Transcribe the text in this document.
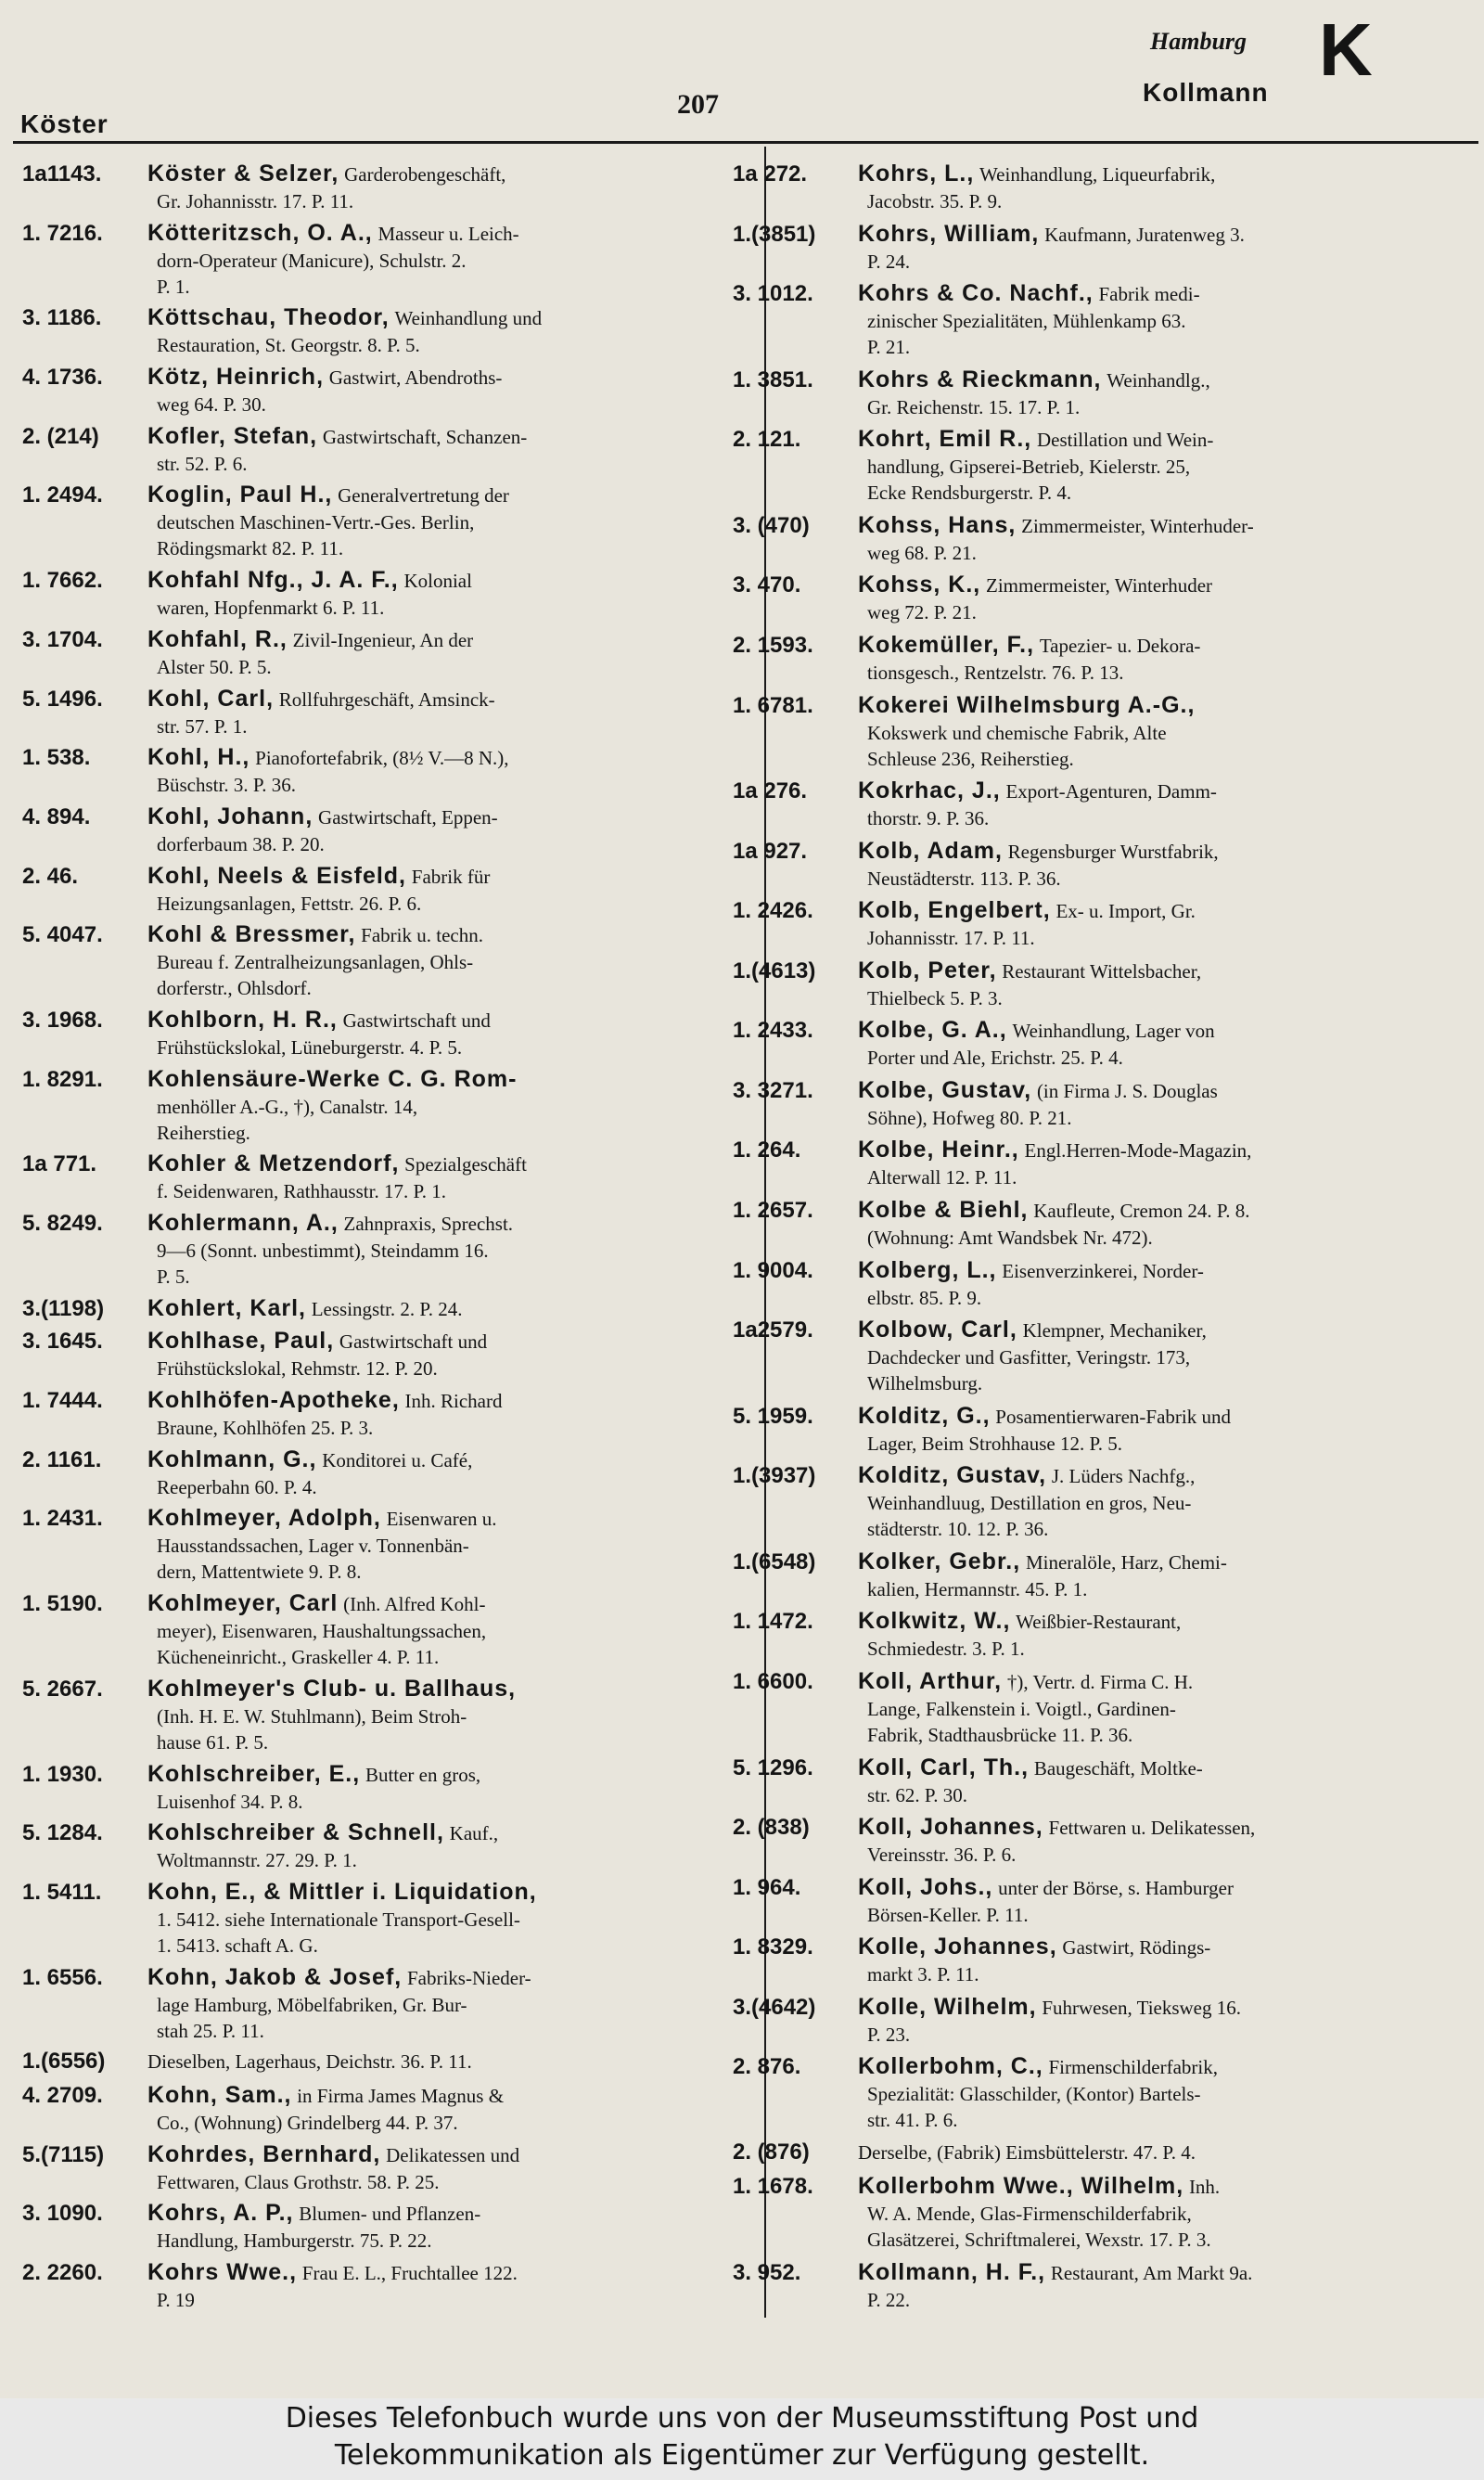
Köster
207
Hamburg
Kollmann
K
1a1143. Köster & Selzer, Garderobengeschäft,
Gr. Johannisstr. 17. P. 11.
1. 7216. Kötteritzsch, O. A., Masseur u. Leich-
dorn-Operateur (Manicure), Schulstr. 2.
P. 1.
3. 1186. Köttschau, Theodor, Weinhandlung und
Restauration, St. Georgstr. 8. P. 5.
4. 1736. Kötz, Heinrich, Gastwirt, Abendroths-
weg 64. P. 30.
2. (214) Kofler, Stefan, Gastwirtschaft, Schanzen-
str. 52. P. 6.
1. 2494. Koglin, Paul H., Generalvertretung der
deutschen Maschinen-Vertr.-Ges. Berlin,
Rödingsmarkt 82. P. 11.
1. 7662. Kohfahl Nfg., J. A. F., Kolonial
waren, Hopfenmarkt 6. P. 11.
3. 1704. Kohfahl, R., Zivil-Ingenieur, An der
Alster 50. P. 5.
5. 1496. Kohl, Carl, Rollfuhrgeschäft, Amsinck-
str. 57. P. 1.
1. 538. Kohl, H., Pianofortefabrik, (8½ V.—8 N.),
Büschstr. 3. P. 36.
4. 894. Kohl, Johann, Gastwirtschaft, Eppen-
dorferbaum 38. P. 20.
2. 46.	Kohl, Neels & Eisfeld, Fabrik für
Heizungsanlagen, Fettstr. 26. P. 6.
5. 4047. Kohl & Bressmer, Fabrik u. techn.
Bureau f. Zentralheizungsanlagen, Ohls-
dorferstr., Ohlsdorf.
3. 1968. Kohlborn, H. R., Gastwirtschaft und
Frühstückslokal, Lüneburgerstr. 4. P. 5.
1. 8291. Kohlensäure-Werke C. G. Rom-
menhöller A.-G., †), Canalstr. 14,
Reiherstieg.
1a 771. Kohler & Metzendorf, Spezialgeschäft
f. Seidenwaren, Rathhausstr. 17. P. 1.
5. 8249. Kohlermann, A., Zahnpraxis, Sprechst.
9—6 (Sonnt. unbestimmt), Steindamm 16.
P. 5.
3.(1198) Kohlert, Karl, Lessingstr. 2. P. 24.
3. 1645. Kohlhase, Paul, Gastwirtschaft und
Frühstückslokal, Rehmstr. 12. P. 20.
1. 7444. Kohlhöfen-Apotheke, Inh. Richard
Braune, Kohlhöfen 25. P. 3.
2. 1161. Kohlmann, G., Konditorei u. Café,
Reeperbahn 60. P. 4.
1. 2431. Kohlmeyer, Adolph, Eisenwaren u.
Hausstandssachen, Lager v. Tonnenbän-
dern, Mattentwiete 9. P. 8.
1. 5190. Kohlmeyer, Carl (Inh. Alfred Kohl-
meyer), Eisenwaren, Haushaltungssachen,
Kücheneinricht., Graskeller 4. P. 11.
5. 2667. Kohlmeyer's Club- u. Ballhaus,
(Inh. H. E. W. Stuhlmann), Beim Stroh-
hause 61. P. 5.
1. 1930. Kohlschreiber, E., Butter en gros,
Luisenhof 34. P. 8.
5. 1284. Kohlschreiber & Schnell, Kauf.,
Woltmannstr. 27. 29. P. 1.
1. 5411. Kohn, E., & Mittler i. Liquidation,
1. 5412. siehe Internationale Transport-Gesell-
1. 5413. schaft A. G.
1. 6556. Kohn, Jakob & Josef, Fabriks-Nieder-
lage Hamburg, Möbelfabriken, Gr. Bur-
stah 25. P. 11.
1.(6556) Dieselben, Lagerhaus, Deichstr. 36. P. 11.
4. 2709. Kohn, Sam., in Firma James Magnus &
Co., (Wohnung) Grindelberg 44. P. 37.
5.(7115) Kohrdes, Bernhard, Delikatessen und
Fettwaren, Claus Grothstr. 58. P. 25.
3. 1090. Kohrs, A. P., Blumen- und Pflanzen-
Handlung, Hamburgerstr. 75. P. 22.
2. 2260. Kohrs Wwe., Frau E. L., Fruchtallee 122.
P. 19
1a 272. Kohrs, L., Weinhandlung, Liqueurfabrik,
Jacobstr. 35. P. 9.
1.(3851) Kohrs, William, Kaufmann, Juratenweg 3.
P. 24.
3. 1012. Kohrs & Co. Nachf., Fabrik medi-
zinischer Spezialitäten, Mühlenkamp 63.
P. 21.
1. 3851. Kohrs & Rieckmann, Weinhandlg.,
Gr. Reichenstr. 15. 17. P. 1.
2. 121. Kohrt, Emil R., Destillation und Wein-
handlung, Gipserei-Betrieb, Kielerstr. 25,
Ecke Rendsburgerstr. P. 4.
3. (470) Kohss, Hans, Zimmermeister, Winterhuder-
weg 68. P. 21.
3. 470. Kohss, K., Zimmermeister, Winterhuder
weg 72. P. 21.
2. 1593. Kokemüller, F., Tapezier- u. Dekora-
tionsgesch., Rentzelstr. 76. P. 13.
1. 6781. Kokerei Wilhelmsburg A.-G.,
Kokswerk und chemische Fabrik, Alte
Schleuse 236, Reiherstieg.
1a 276. Kokrhac, J., Export-Agenturen, Damm-
thorstr. 9. P. 36.
1a 927. Kolb, Adam, Regensburger Wurstfabrik,
Neustädterstr. 113. P. 36.
1. 2426. Kolb, Engelbert, Ex- u. Import, Gr.
Johannisstr. 17. P. 11.
1.(4613) Kolb, Peter, Restaurant Wittelsbacher,
Thielbeck 5. P. 3.
1. 2433. Kolbe, G. A., Weinhandlung, Lager von
Porter und Ale, Erichstr. 25. P. 4.
3. 3271. Kolbe, Gustav, (in Firma J. S. Douglas
Söhne), Hofweg 80. P. 21.
1. 264. Kolbe, Heinr., Engl.Herren-Mode-Magazin,
Alterwall 12. P. 11.
1. 2657. Kolbe & Biehl, Kaufleute, Cremon 24. P. 8.
(Wohnung: Amt Wandsbek Nr. 472).
1. 9004. Kolberg, L., Eisenverzinkerei, Norder-
elbstr. 85. P. 9.
1a2579. Kolbow, Carl, Klempner, Mechaniker,
Dachdecker und Gasfitter, Veringstr. 173,
Wilhelmsburg.
5. 1959. Kolditz, G., Posamentierwaren-Fabrik und
Lager, Beim Strohhause 12. P. 5.
1.(3937) Kolditz, Gustav, J. Lüders Nachfg.,
Weinhandluug, Destillation en gros, Neu-
städterstr. 10. 12. P. 36.
1.(6548) Kolker, Gebr., Mineralöle, Harz, Chemi-
kalien, Hermannstr. 45. P. 1.
1. 1472. Kolkwitz, W., Weißbier-Restaurant,
Schmiedestr. 3. P. 1.
1. 6600. Koll, Arthur, †), Vertr. d. Firma C. H.
Lange, Falkenstein i. Voigtl., Gardinen-
Fabrik, Stadthausbrücke 11. P. 36.
5. 1296. Koll, Carl, Th., Baugeschäft, Moltke-
str. 62. P. 30.
2. (838) Koll, Johannes, Fettwaren u. Delikatessen,
Vereinsstr. 36. P. 6.
1. 964. Koll, Johs., unter der Börse, s. Hamburger
Börsen-Keller. P. 11.
1. 8329. Kolle, Johannes, Gastwirt, Rödings-
markt 3. P. 11.
3.(4642) Kolle, Wilhelm, Fuhrwesen, Tieksweg 16.
P. 23.
2. 876. Kollerbohm, C., Firmenschilderfabrik,
Spezialität: Glasschilder, (Kontor) Bartels-
str. 41. P. 6.
2. (876) Derselbe, (Fabrik) Eimsbüttelerstr. 47. P. 4.
1. 1678. Kollerbohm Wwe., Wilhelm, Inh.
W. A. Mende, Glas-Firmenschilderfabrik,
Glasätzerei, Schriftmalerei, Wexstr. 17. P. 3.
3. 952. Kollmann, H. F., Restaurant, Am Markt 9a.
P. 22.
Dieses Telefonbuch wurde uns von der Museumsstiftung Post und
Telekommunikation als Eigentümer zur Verfügung gestellt.
